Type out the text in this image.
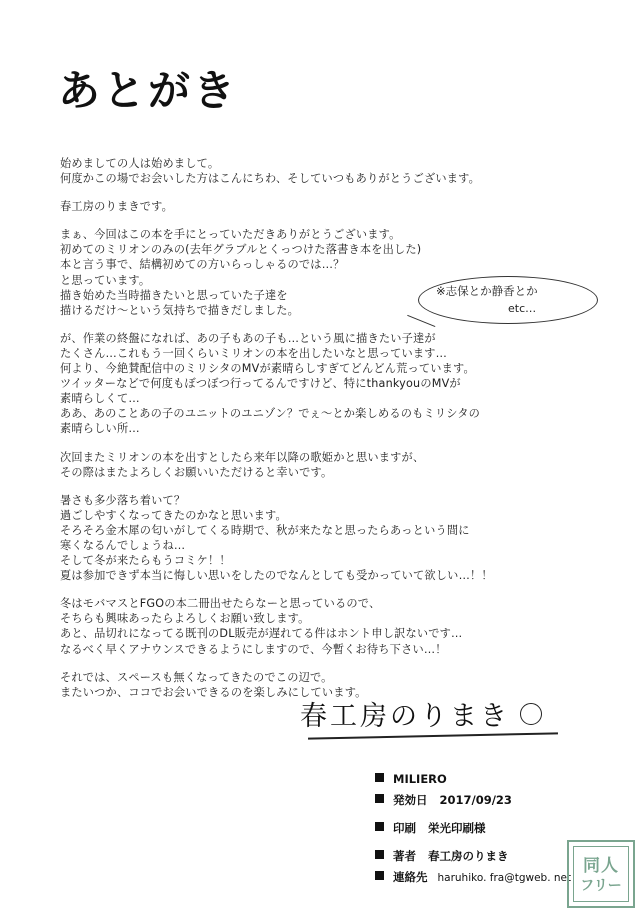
あとがき
始めましての人は始めまして。
何度かこの場でお会いした方はこんにちわ、そしていつもありがとうございます。
春工房のりまきです。
まぁ、今回はこの本を手にとっていただきありがとうございます。
初めてのミリオンのみの(去年グラブルとくっつけた落書き本を出した)
本と言う事で、結構初めての方いらっしゃるのでは…？
と思っています。
描き始めた当時描きたいと思っていた子達を
描けるだけ〜という気持ちで描きだしました。
が、作業の終盤になれば、あの子もあの子も…という風に描きたい子達が
たくさん…これもう一回くらいミリオンの本を出したいなと思っています…
何より、今絶賛配信中のミリシタのMVが素晴らしすぎてどんどん荒っています。
ツイッターなどで何度もぼつぼつ行ってるんですけど、特にthankyouのMVが
素晴らしくて…
ああ、あのことあの子のユニットのユニゾン？でぇ〜とか楽しめるのもミリシタの
素晴らしい所…
次回またミリオンの本を出すとしたら来年以降の歌姫かと思いますが、
その際はまたよろしくお願いいただけると幸いです。
暑さも多少落ち着いて？
過ごしやすくなってきたのかなと思います。
そろそろ金木犀の匂いがしてくる時期で、秋が来たなと思ったらあっという間に
寒くなるんでしょうね…
そして冬が来たらもうコミケ！！
夏は参加できず本当に悔しい思いをしたのでなんとしても受かっていて欲しい…！！
冬はモバマスとFGOの本二冊出せたらなーと思っているので、
そちらも興味あったらよろしくお願い致します。
あと、品切れになってる既刊のDL販売が遅れてる件はホント申し訳ないです…
なるべく早くアナウンスできるようにしますので、今暫くお待ち下さい…！
それでは、スペースも無くなってきたのでこの辺で。
またいつか、ココでお会いできるのを楽しみにしています。
※志保とか静香とか
etc…
春工房のりまき
MILIERO
発効日 2017/09/23
印刷 栄光印刷様
著者 春工房のりまき
連絡先 haruhiko. fra@tgweb. net
同人
フリー
